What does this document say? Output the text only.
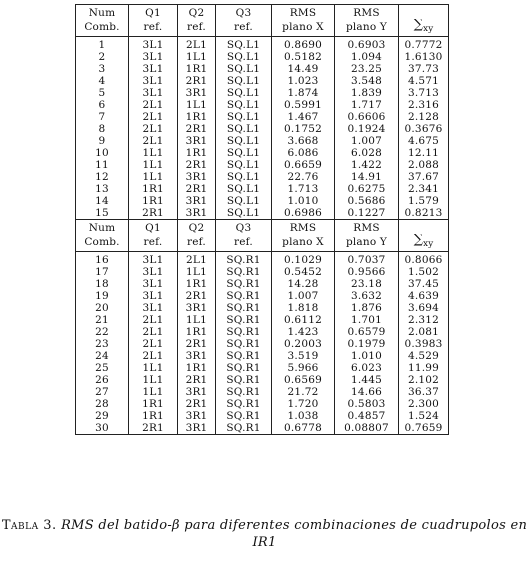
Num	Q1	Q2	Q3	RMS	RMS	
Comb.	ref.	ref.	ref.	plano X	plano Y	$\sum_{xy}$
1	3L1	2L1	SQ.L1	0.8690	0.6903	0.7772
2	3L1	1L1	SQ.L1	0.5182	1.094	1.6130
3	3L1	1R1	SQ.L1	14.49	23.25	37.73
4	3L1	2R1	SQ.L1	1.023	3.548	4.571
5	3L1	3R1	SQ.L1	1.874	1.839	3.713
6	2L1	1L1	SQ.L1	0.5991	1.717	2.316
7	2L1	1R1	SQ.L1	1.467	0.6606	2.128
8	2L1	2R1	SQ.L1	0.1752	0.1924	0.3676
9	2L1	3R1	SQ.L1	3.668	1.007	4.675
10	1L1	1R1	SQ.L1	6.086	6.028	12.11
11	1L1	2R1	SQ.L1	0.6659	1.422	2.088
12	1L1	3R1	SQ.L1	22.76	14.91	37.67
13	1R1	2R1	SQ.L1	1.713	0.6275	2.341
14	1R1	3R1	SQ.L1	1.010	0.5686	1.579
15	2R1	3R1	SQ.L1	0.6986	0.1227	0.8213
Num	Q1	Q2	Q3	RMS	RMS	
Comb.	ref.	ref.	ref.	plano X	plano Y	$\sum_{xy}$
16	3L1	2L1	SQ.R1	0.1029	0.7037	0.8066
17	3L1	1L1	SQ.R1	0.5452	0.9566	1.502
18	3L1	1R1	SQ.R1	14.28	23.18	37.45
19	3L1	2R1	SQ.R1	1.007	3.632	4.639
20	3L1	3R1	SQ.R1	1.818	1.876	3.694
21	2L1	1L1	SQ.R1	0.6112	1.701	2.312
22	2L1	1R1	SQ.R1	1.423	0.6579	2.081
23	2L1	2R1	SQ.R1	0.2003	0.1979	0.3983
24	2L1	3R1	SQ.R1	3.519	1.010	4.529
25	1L1	1R1	SQ.R1	5.966	6.023	11.99
26	1L1	2R1	SQ.R1	0.6569	1.445	2.102
27	1L1	3R1	SQ.R1	21.72	14.66	36.37
28	1R1	2R1	SQ.R1	1.720	0.5803	2.300
29	1R1	3R1	SQ.R1	1.038	0.4857	1.524
30	2R1	3R1	SQ.R1	0.6778	0.08807	0.7659
Tabla 3. RMS del batido-β para diferentes combinaciones de cuadrupolos en IR1
